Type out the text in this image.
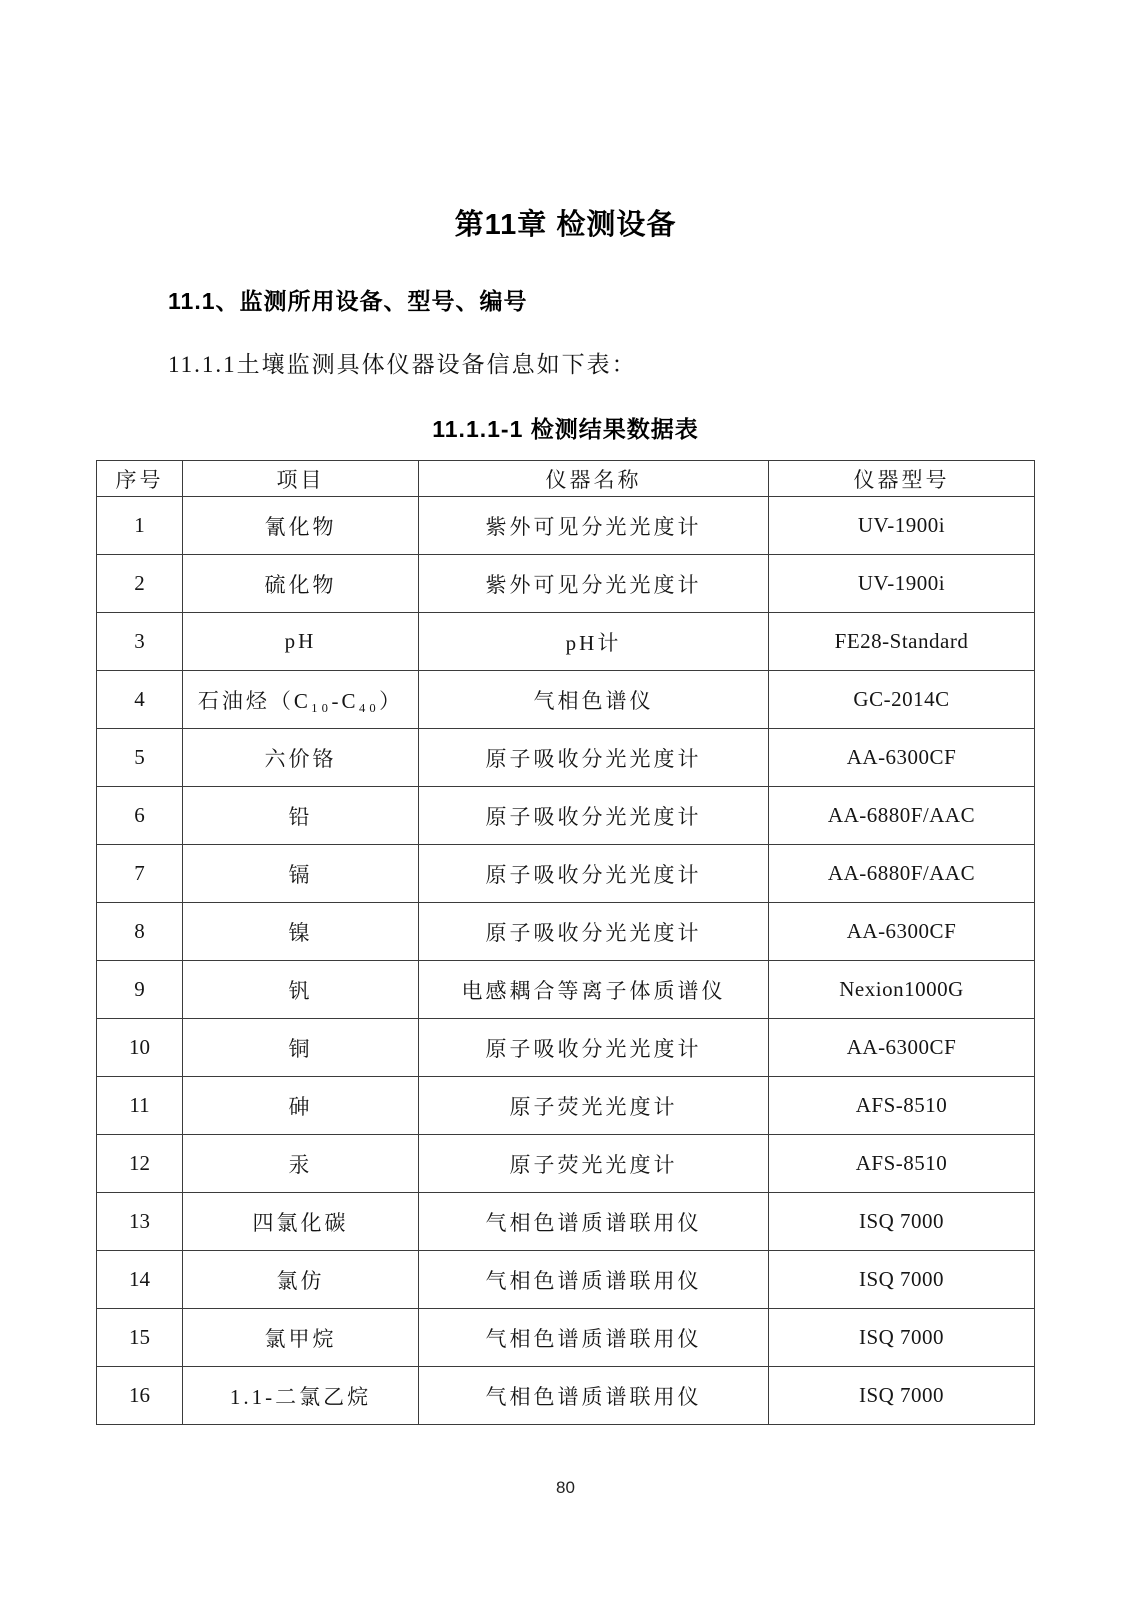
第11章 检测设备
11.1、监测所用设备、型号、编号
11.1.1土壤监测具体仪器设备信息如下表：
11.1.1-1 检测结果数据表
序号	项目	仪器名称	仪器型号
1	氰化物	紫外可见分光光度计	UV-1900i
2	硫化物	紫外可见分光光度计	UV-1900i
3	pH	pH计	FE28-Standard
4	石油烃（C₁₀-C₄₀）	气相色谱仪	GC-2014C
5	六价铬	原子吸收分光光度计	AA-6300CF
6	铅	原子吸收分光光度计	AA-6880F/AAC
7	镉	原子吸收分光光度计	AA-6880F/AAC
8	镍	原子吸收分光光度计	AA-6300CF
9	钒	电感耦合等离子体质谱仪	Nexion1000G
10	铜	原子吸收分光光度计	AA-6300CF
11	砷	原子荧光光度计	AFS-8510
12	汞	原子荧光光度计	AFS-8510
13	四氯化碳	气相色谱质谱联用仪	ISQ 7000
14	氯仿	气相色谱质谱联用仪	ISQ 7000
15	氯甲烷	气相色谱质谱联用仪	ISQ 7000
16	1.1-二氯乙烷	气相色谱质谱联用仪	ISQ 7000
80
